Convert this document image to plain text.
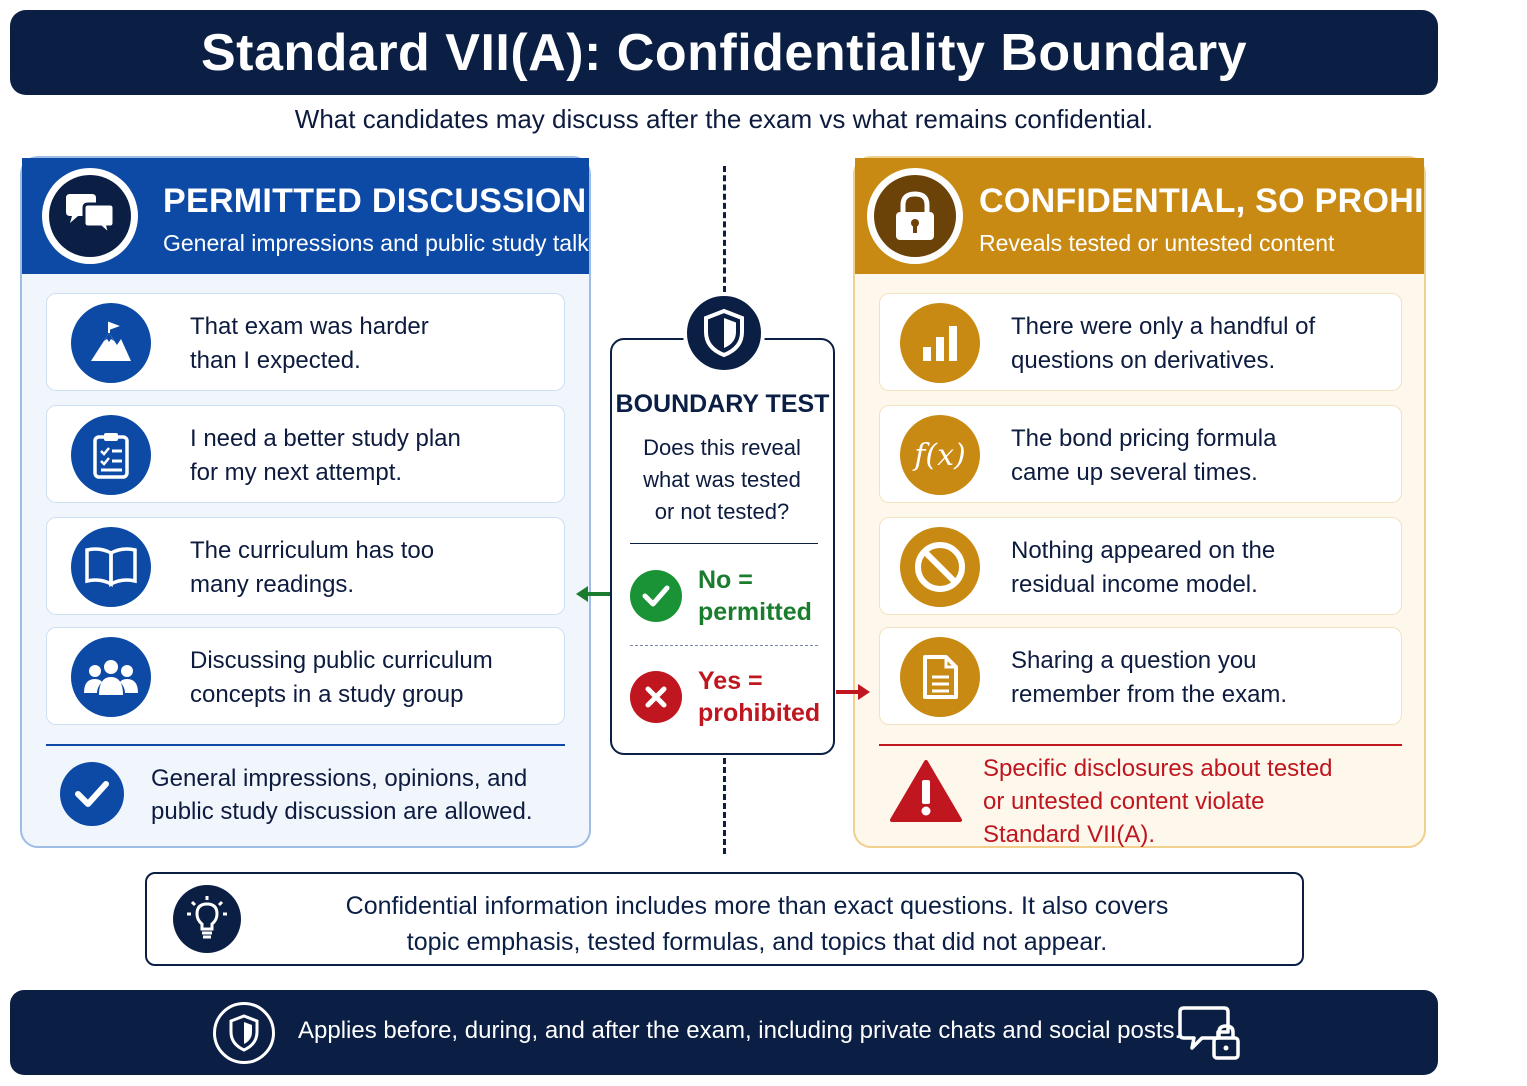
Standard VII(A): Confidentiality Boundary
What candidates may discuss after the exam vs what remains confidential.
PERMITTED DISCUSSION
General impressions and public study talk
That exam was harder
than I expected.
I need a better study plan
for my next attempt.
The curriculum has too
many readings.
Discussing public curriculum
concepts in a study group
General impressions, opinions, and
public study discussion are allowed.
CONFIDENTIAL, SO PROHIBITED
Reveals tested or untested content
There were only a handful of
questions on derivatives.
f(x) The bond pricing formula
came up several times.
Nothing appeared on the
residual income model.
Sharing a question you
remember from the exam.
Specific disclosures about tested
or untested content violate
Standard VII(A).
BOUNDARY TEST
Does this reveal
what was tested
or not tested?
No =
permitted
Yes =
prohibited
Confidential information includes more than exact questions. It also covers
topic emphasis, tested formulas, and topics that did not appear.
Applies before, during, and after the exam, including private chats and social posts.
